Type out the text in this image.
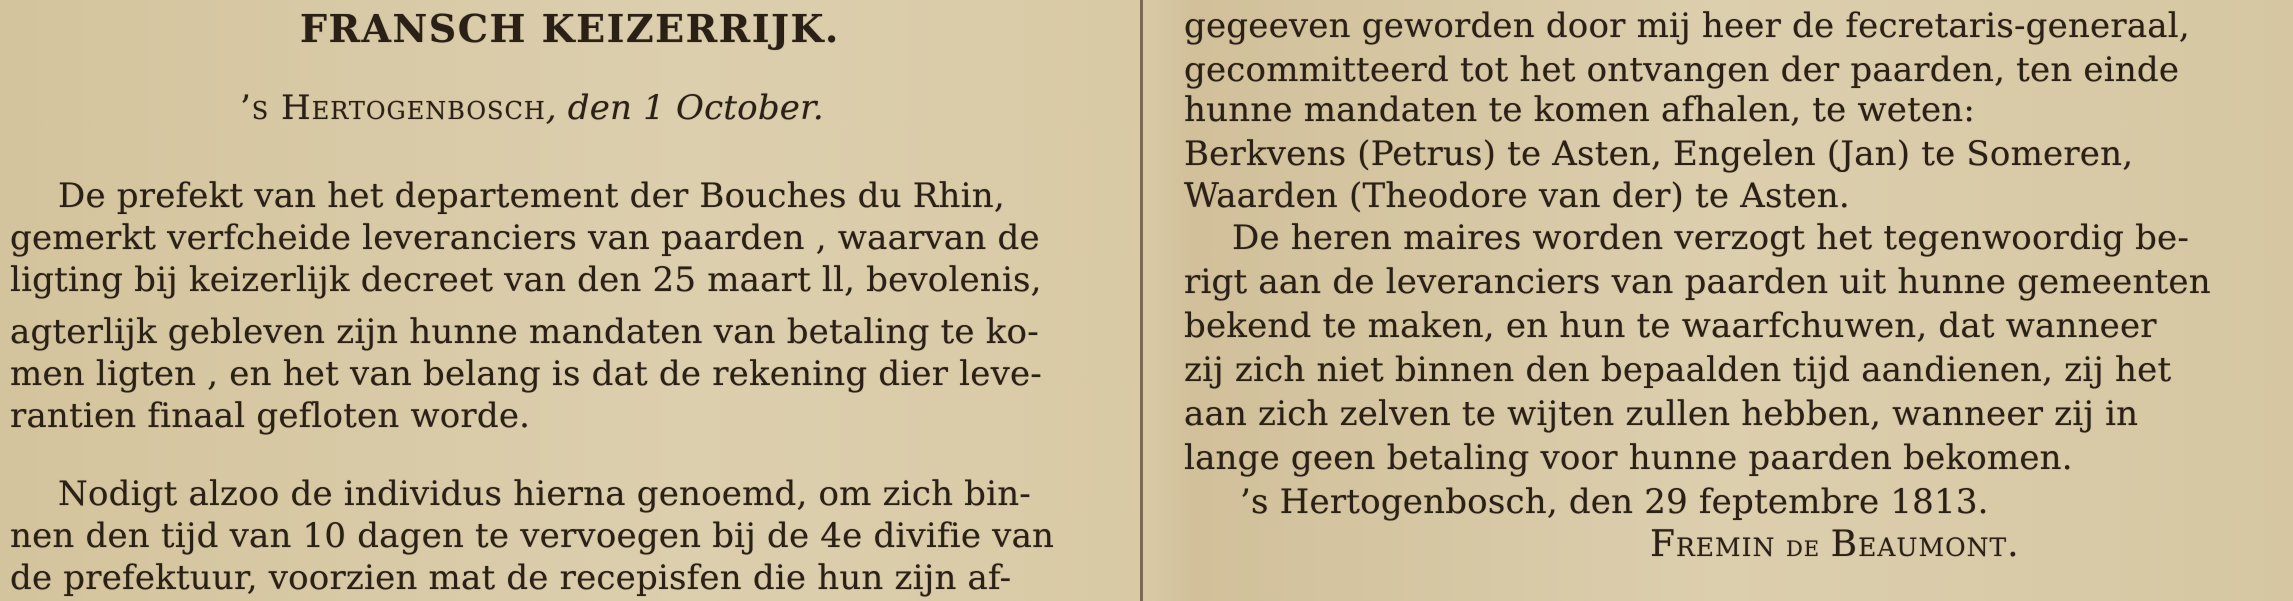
FRANSCH KEIZERRIJK.
’s Hertogenbosch, den 1 October.
De prefekt van het departement der Bouches du Rhin,
gemerkt verfcheide leveranciers van paarden , waarvan de
ligting bij keizerlijk decreet van den 25 maart ll, bevolenis,
agterlijk gebleven zijn hunne mandaten van betaling te ko-
men ligten , en het van belang is dat de rekening dier leve-
rantien finaal gefloten worde.
Nodigt alzoo de individus hierna genoemd, om zich bin-
nen den tijd van 10 dagen te vervoegen bij de 4e divifie van
de prefektuur, voorzien mat de recepisfen die hun zijn af-
gegeeven geworden door mij heer de fecretaris-generaal,
gecommitteerd tot het ontvangen der paarden, ten einde
hunne mandaten te komen afhalen, te weten:
Berkvens (Petrus) te Asten, Engelen (Jan) te Someren,
Waarden (Theodore van der) te Asten.
De heren maires worden verzogt het tegenwoordig be-
rigt aan de leveranciers van paarden uit hunne gemeenten
bekend te maken, en hun te waarfchuwen, dat wanneer
zij zich niet binnen den bepaalden tijd aandienen, zij het
aan zich zelven te wijten zullen hebben, wanneer zij in
lange geen betaling voor hunne paarden bekomen.
’s Hertogenbosch, den 29 feptembre 1813.
Fremin de Beaumont.
